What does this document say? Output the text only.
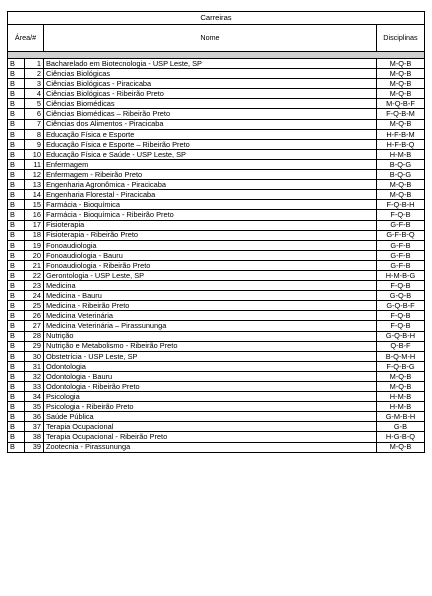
Carreiras			
Área/#		Nome	Disciplinas

B	1	Bacharelado em Biotecnologia - USP Leste, SP	M-Q-B
B	2	Ciências Biológicas	M-Q-B
B	3	Ciências Biológicas - Piracicaba	M-Q-B
B	4	Ciências Biológicas - Ribeirão Preto	M-Q-B
B	5	Ciências Biomédicas	M-Q-B-F
B	6	Ciências Biomédicas – Ribeirão Preto	F-Q-B-M
B	7	Ciências dos Alimentos - Piracicaba	M-Q-B
B	8	Educação Física e Esporte	H-F-B-M
B	9	Educação Física e Esporte – Ribeirão Preto	H-F-B-Q
B	10	Educação Física e Saúde - USP Leste, SP	H-M-B
B	11	Enfermagem	B-Q-G
B	12	Enfermagem - Ribeirão Preto	B-Q-G
B	13	Engenharia Agronômica - Piracicaba	M-Q-B
B	14	Engenharia Florestal - Piracicaba	M-Q-B
B	15	Farmácia - Bioquímica	F-Q-B-H
B	16	Farmácia - Bioquímica - Ribeirão Preto	F-Q-B
B	17	Fisioterapia	G-F-B
B	18	Fisioterapia - Ribeirão Preto	G-F-B-Q
B	19	Fonoaudiologia	G-F-B
B	20	Fonoaudiologia - Bauru	G-F-B
B	21	Fonoaudiologia - Ribeirão Preto	G-F-B
B	22	Gerontologia - USP Leste, SP	H-M-B-G
B	23	Medicina	F-Q-B
B	24	Medicina - Bauru	G-Q-B
B	25	Medicina - Ribeirão Preto	G-Q-B-F
B	26	Medicina Veterinária	F-Q-B
B	27	Medicina Veterinária – Pirassununga	F-Q-B
B	28	Nutrição	G-Q-B-H
B	29	Nutrição e Metabolismo - Ribeirão Preto	Q-B-F
B	30	Obstetrícia - USP Leste, SP	B-Q-M-H
B	31	Odontologia	F-Q-B-G
B	32	Odontologia - Bauru	M-Q-B
B	33	Odontologia - Ribeirão Preto	M-Q-B
B	34	Psicologia	H-M-B
B	35	Psicologia - Ribeirão Preto	H-M-B
B	36	Saúde Pública	G-M-B-H
B	37	Terapia Ocupacional	G-B
B	38	Terapia Ocupacional - Ribeirão Preto	H-G-B-Q
B	39	Zootecnia - Pirassununga	M-Q-B
